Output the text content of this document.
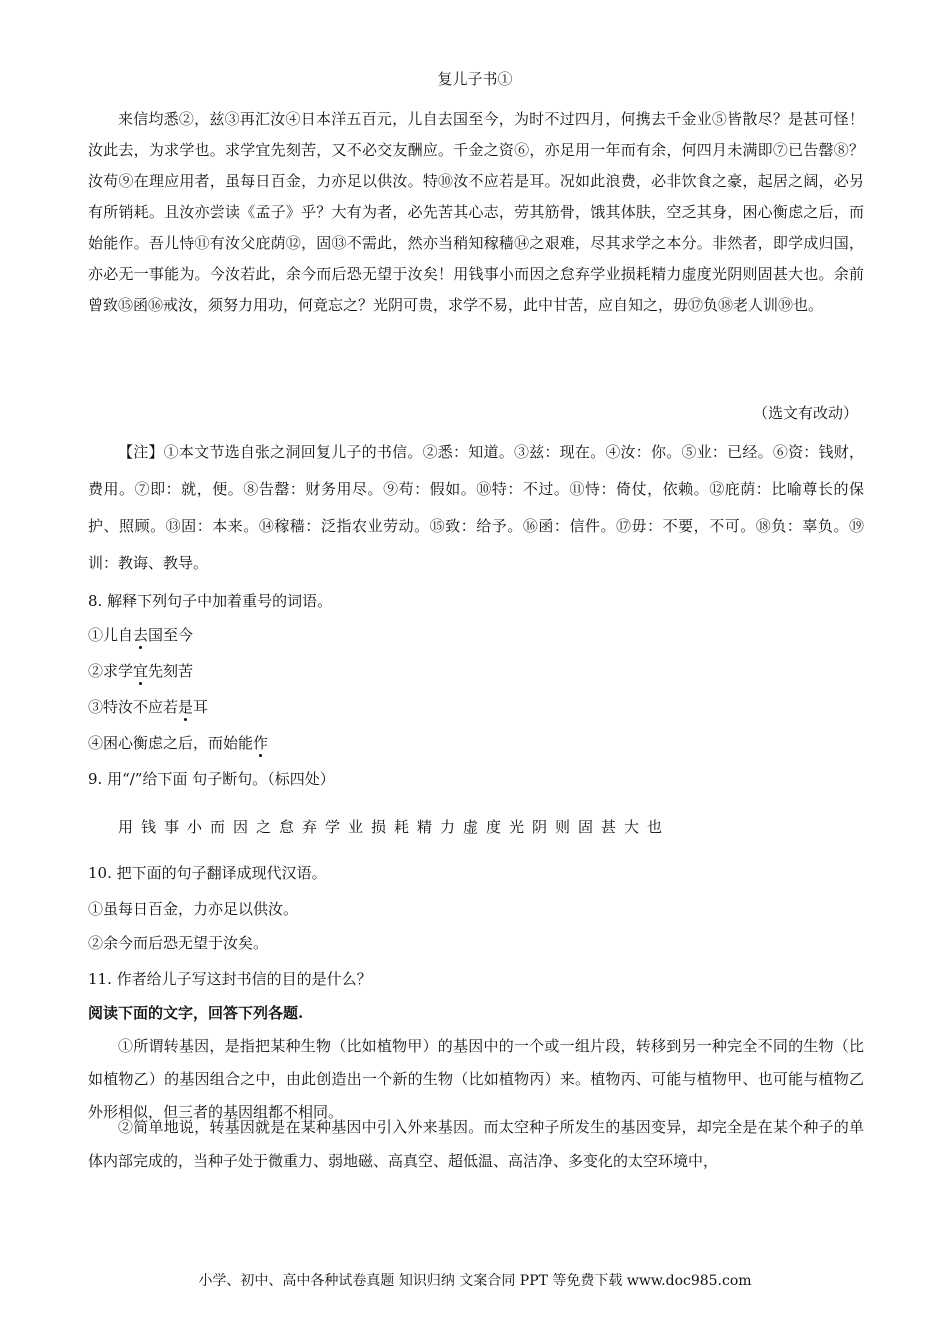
复儿子书①
来信均悉②，兹③再汇汝④日本洋五百元，儿自去国至今，为时不过四月，何携去千金业⑤皆散尽？是甚可怪！汝此去，为求学也。求学宜先刻苦，又不必交友酬应。千金之资⑥，亦足用一年而有余，何四月未满即⑦已告罄⑧？汝苟⑨在理应用者，虽每日百金，力亦足以供汝。特⑩汝不应若是耳。况如此浪费，必非饮食之豪，起居之阔，必另有所销耗。且汝亦尝读《孟子》乎？大有为者，必先苦其心志，劳其筋骨，饿其体肤，空乏其身，困心衡虑之后，而始能作。吾儿恃⑪有汝父庇荫⑫，固⑬不需此，然亦当稍知稼穑⑭之艰难，尽其求学之本分。非然者，即学成归国，亦必无一事能为。今汝若此，余今而后恐无望于汝矣！用钱事小而因之怠弃学业损耗精力虚度光阴则固甚大也。余前曾致⑮函⑯戒汝，须努力用功，何竟忘之？光阴可贵，求学不易，此中甘苦，应自知之，毋⑰负⑱老人训⑲也。
（选文有改动）
【注】①本文节选自张之洞回复儿子的书信。②悉：知道。③兹：现在。④汝：你。⑤业：已经。⑥资：钱财，费用。⑦即：就，便。⑧告罄：财务用尽。⑨苟：假如。⑩特：不过。⑪恃：倚仗，依赖。⑫庇荫：比喻尊长的保护、照顾。⑬固：本来。⑭稼穑：泛指农业劳动。⑮致：给予。⑯函：信件。⑰毋：不要，不可。⑱负：辜负。⑲训：教诲、教导。
8. 解释下列句子中加着重号的词语。
①儿自去国至今
②求学宜先刻苦
③特汝不应若是耳
④困心衡虑之后，而始能作
9. 用“/”给下面 句子断句。（标四处）
用钱事小而因之怠弃学业损耗精力虚度光阴则固甚大也
10. 把下面的句子翻译成现代汉语。
①虽每日百金，力亦足以供汝。
②余今而后恐无望于汝矣。
11. 作者给儿子写这封书信的目的是什么？
阅读下面的文字，回答下列各题.
①所谓转基因，是指把某种生物（比如植物甲）的基因中的一个或一组片段，转移到另一种完全不同的生物（比如植物乙）的基因组合之中，由此创造出一个新的生物（比如植物丙）来。植物丙、可能与植物甲、也可能与植物乙外形相似，但三者的基因组都不相同。
②简单地说，转基因就是在某种基因中引入外来基因。而太空种子所发生的基因变异，却完全是在某个种子的单体内部完成的，当种子处于微重力、弱地磁、高真空、超低温、高洁净、多变化的太空环境中，
小学、初中、高中各种试卷真题 知识归纳 文案合同 PPT 等免费下载 www.doc985.com
